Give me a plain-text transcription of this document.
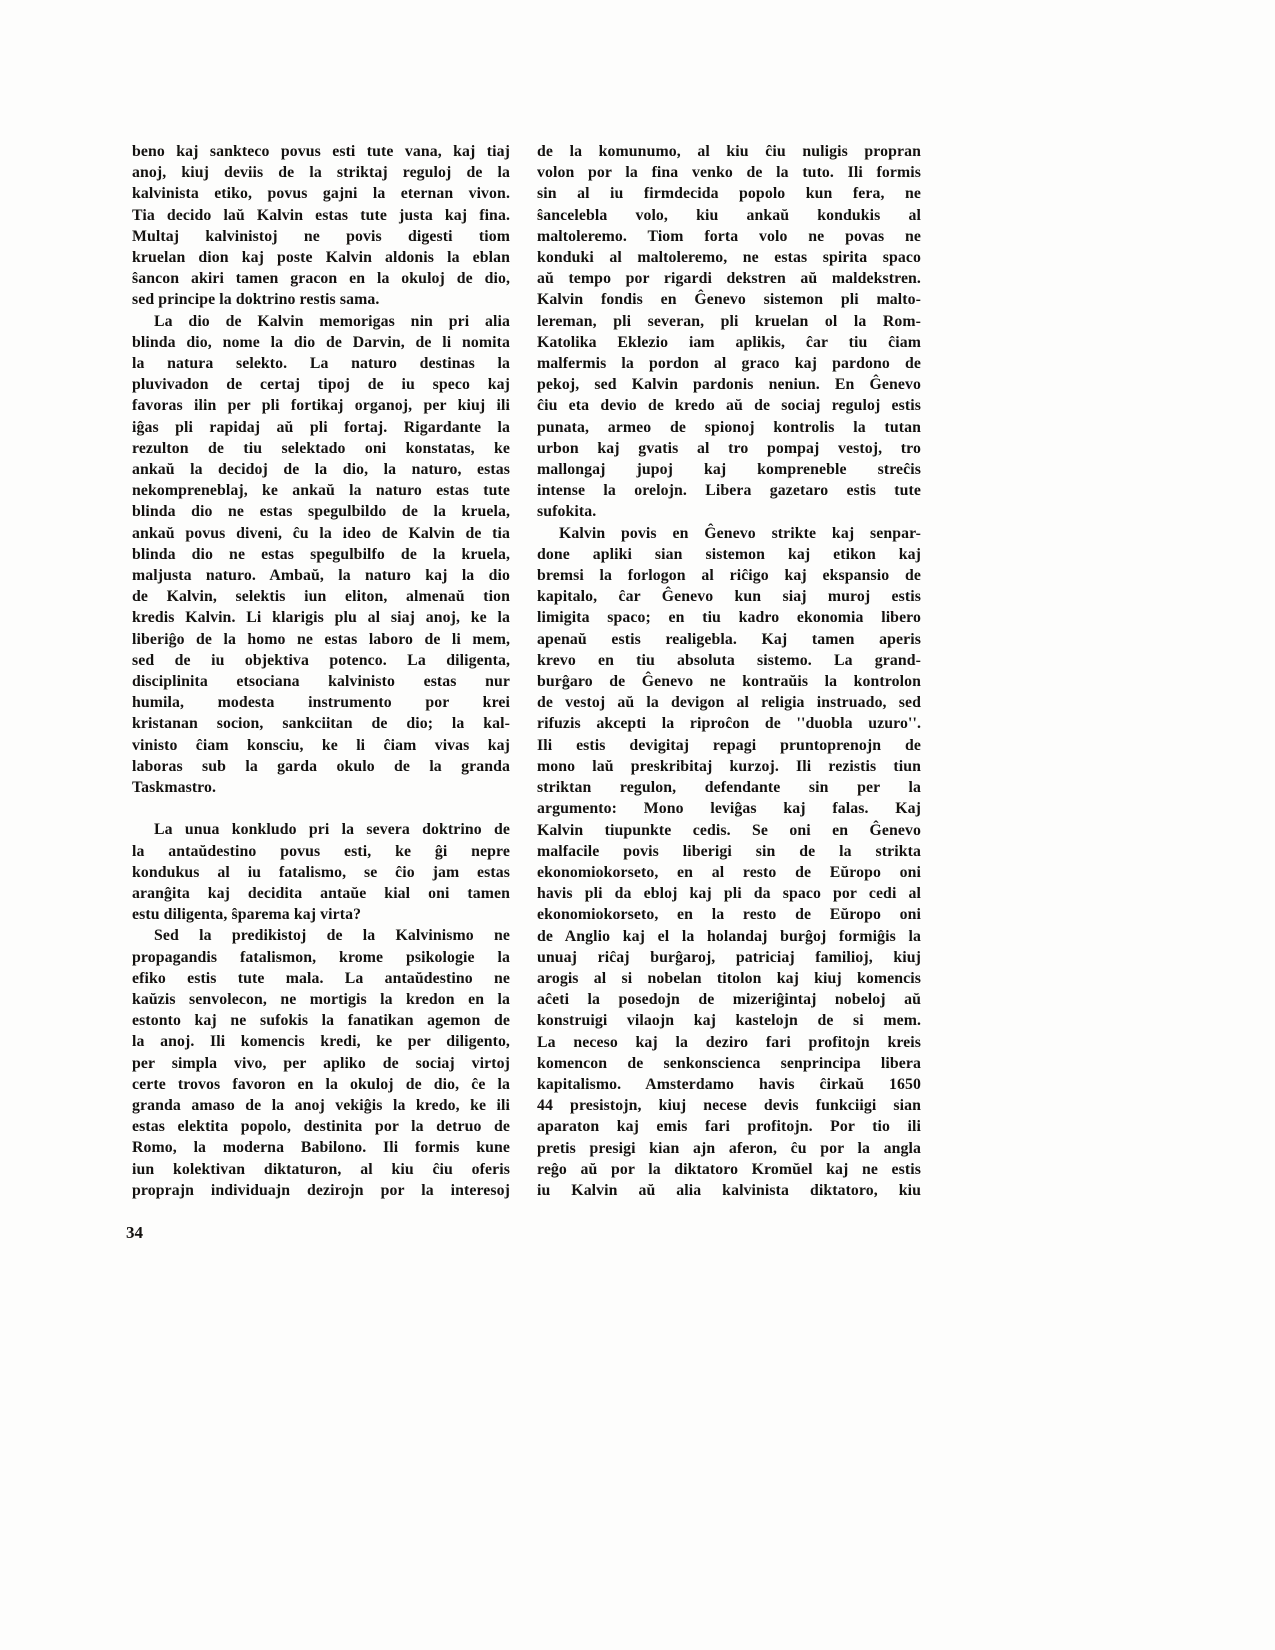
beno kaj sankteco povus esti tute vana, kaj tiaj
anoj, kiuj deviis de la striktaj reguloj de la
kalvinista etiko, povus gajni la eternan vivon.
Tia decido laŭ Kalvin estas tute justa kaj fina.
Multaj kalvinistoj ne povis digesti tiom
kruelan dion kaj poste Kalvin aldonis la eblan
ŝancon akiri tamen gracon en la okuloj de dio,
sed principe la doktrino restis sama.
La dio de Kalvin memorigas nin pri alia
blinda dio, nome la dio de Darvin, de li nomita
la natura selekto. La naturo destinas la
pluvivadon de certaj tipoj de iu speco kaj
favoras ilin per pli fortikaj organoj, per kiuj ili
iĝas pli rapidaj aŭ pli fortaj. Rigardante la
rezulton de tiu selektado oni konstatas, ke
ankaŭ la decidoj de la dio, la naturo, estas
nekompreneblaj, ke ankaŭ la naturo estas tute
blinda dio ne estas spegulbildo de la kruela,
ankaŭ povus diveni, ĉu la ideo de Kalvin de tia
blinda dio ne estas spegulbilfo de la kruela,
maljusta naturo. Ambaŭ, la naturo kaj la dio
de Kalvin, selektis iun eliton, almenaŭ tion
kredis Kalvin. Li klarigis plu al siaj anoj, ke la
liberiĝo de la homo ne estas laboro de li mem,
sed de iu objektiva potenco. La diligenta,
disciplinita etsociana kalvinisto estas nur
humila, modesta instrumento por krei
kristanan socion, sankciitan de dio; la kal-
vinisto ĉiam konsciu, ke li ĉiam vivas kaj
laboras sub la garda okulo de la granda
Taskmastro.
La unua konkludo pri la severa doktrino de
la antaŭdestino povus esti, ke ĝi nepre
kondukus al iu fatalismo, se ĉio jam estas
aranĝita kaj decidita antaŭe kial oni tamen
estu diligenta, ŝparema kaj virta?
Sed la predikistoj de la Kalvinismo ne
propagandis fatalismon, krome psikologie la
efiko estis tute mala. La antaŭdestino ne
kaŭzis senvolecon, ne mortigis la kredon en la
estonto kaj ne sufokis la fanatikan agemon de
la anoj. Ili komencis kredi, ke per diligento,
per simpla vivo, per apliko de sociaj virtoj
certe trovos favoron en la okuloj de dio, ĉe la
granda amaso de la anoj vekiĝis la kredo, ke ili
estas elektita popolo, destinita por la detruo de
Romo, la moderna Babilono. Ili formis kune
iun kolektivan diktaturon, al kiu ĉiu oferis
proprajn individuajn dezirojn por la interesoj
de la komunumo, al kiu ĉiu nuligis propran
volon por la fina venko de la tuto. Ili formis
sin al iu firmdecida popolo kun fera, ne
ŝancelebla volo, kiu ankaŭ kondukis al
maltoleremo. Tiom forta volo ne povas ne
konduki al maltoleremo, ne estas spirita spaco
aŭ tempo por rigardi dekstren aŭ maldekstren.
Kalvin fondis en Ĝenevo sistemon pli malto-
lereman, pli severan, pli kruelan ol la Rom-
Katolika Eklezio iam aplikis, ĉar tiu ĉiam
malfermis la pordon al graco kaj pardono de
pekoj, sed Kalvin pardonis neniun. En Ĝenevo
ĉiu eta devio de kredo aŭ de sociaj reguloj estis
punata, armeo de spionoj kontrolis la tutan
urbon kaj gvatis al tro pompaj vestoj, tro
mallongaj jupoj kaj kompreneble streĉis
intense la orelojn. Libera gazetaro estis tute
sufokita.
Kalvin povis en Ĝenevo strikte kaj senpar-
done apliki sian sistemon kaj etikon kaj
bremsi la forlogon al riĉigo kaj ekspansio de
kapitalo, ĉar Ĝenevo kun siaj muroj estis
limigita spaco; en tiu kadro ekonomia libero
apenaŭ estis realigebla. Kaj tamen aperis
krevo en tiu absoluta sistemo. La grand-
burĝaro de Ĝenevo ne kontraŭis la kontrolon
de vestoj aŭ la devigon al religia instruado, sed
rifuzis akcepti la riproĉon de ''duobla uzuro''.
Ili estis devigitaj repagi pruntoprenojn de
mono laŭ preskribitaj kurzoj. Ili rezistis tiun
striktan regulon, defendante sin per la
argumento: Mono leviĝas kaj falas. Kaj
Kalvin tiupunkte cedis. Se oni en Ĝenevo
malfacile povis liberigi sin de la strikta
ekonomiokorseto, en al resto de Eŭropo oni
havis pli da ebloj kaj pli da spaco por cedi al
ekonomiokorseto, en la resto de Eŭropo oni
de Anglio kaj el la holandaj burĝoj formiĝis la
unuaj riĉaj burĝaroj, patriciaj familioj, kiuj
arogis al si nobelan titolon kaj kiuj komencis
aĉeti la posedojn de mizeriĝintaj nobeloj aŭ
konstruigi vilaojn kaj kastelojn de si mem.
La neceso kaj la deziro fari profitojn kreis
komencon de senkonscienca senprincipa libera
kapitalismo. Amsterdamo havis ĉirkaŭ 1650
44 presistojn, kiuj necese devis funkciigi sian
aparaton kaj emis fari profitojn. Por tio ili
pretis presigi kian ajn aferon, ĉu por la angla
reĝo aŭ por la diktatoro Kromŭel kaj ne estis
iu Kalvin aŭ alia kalvinista diktatoro, kiu
34
